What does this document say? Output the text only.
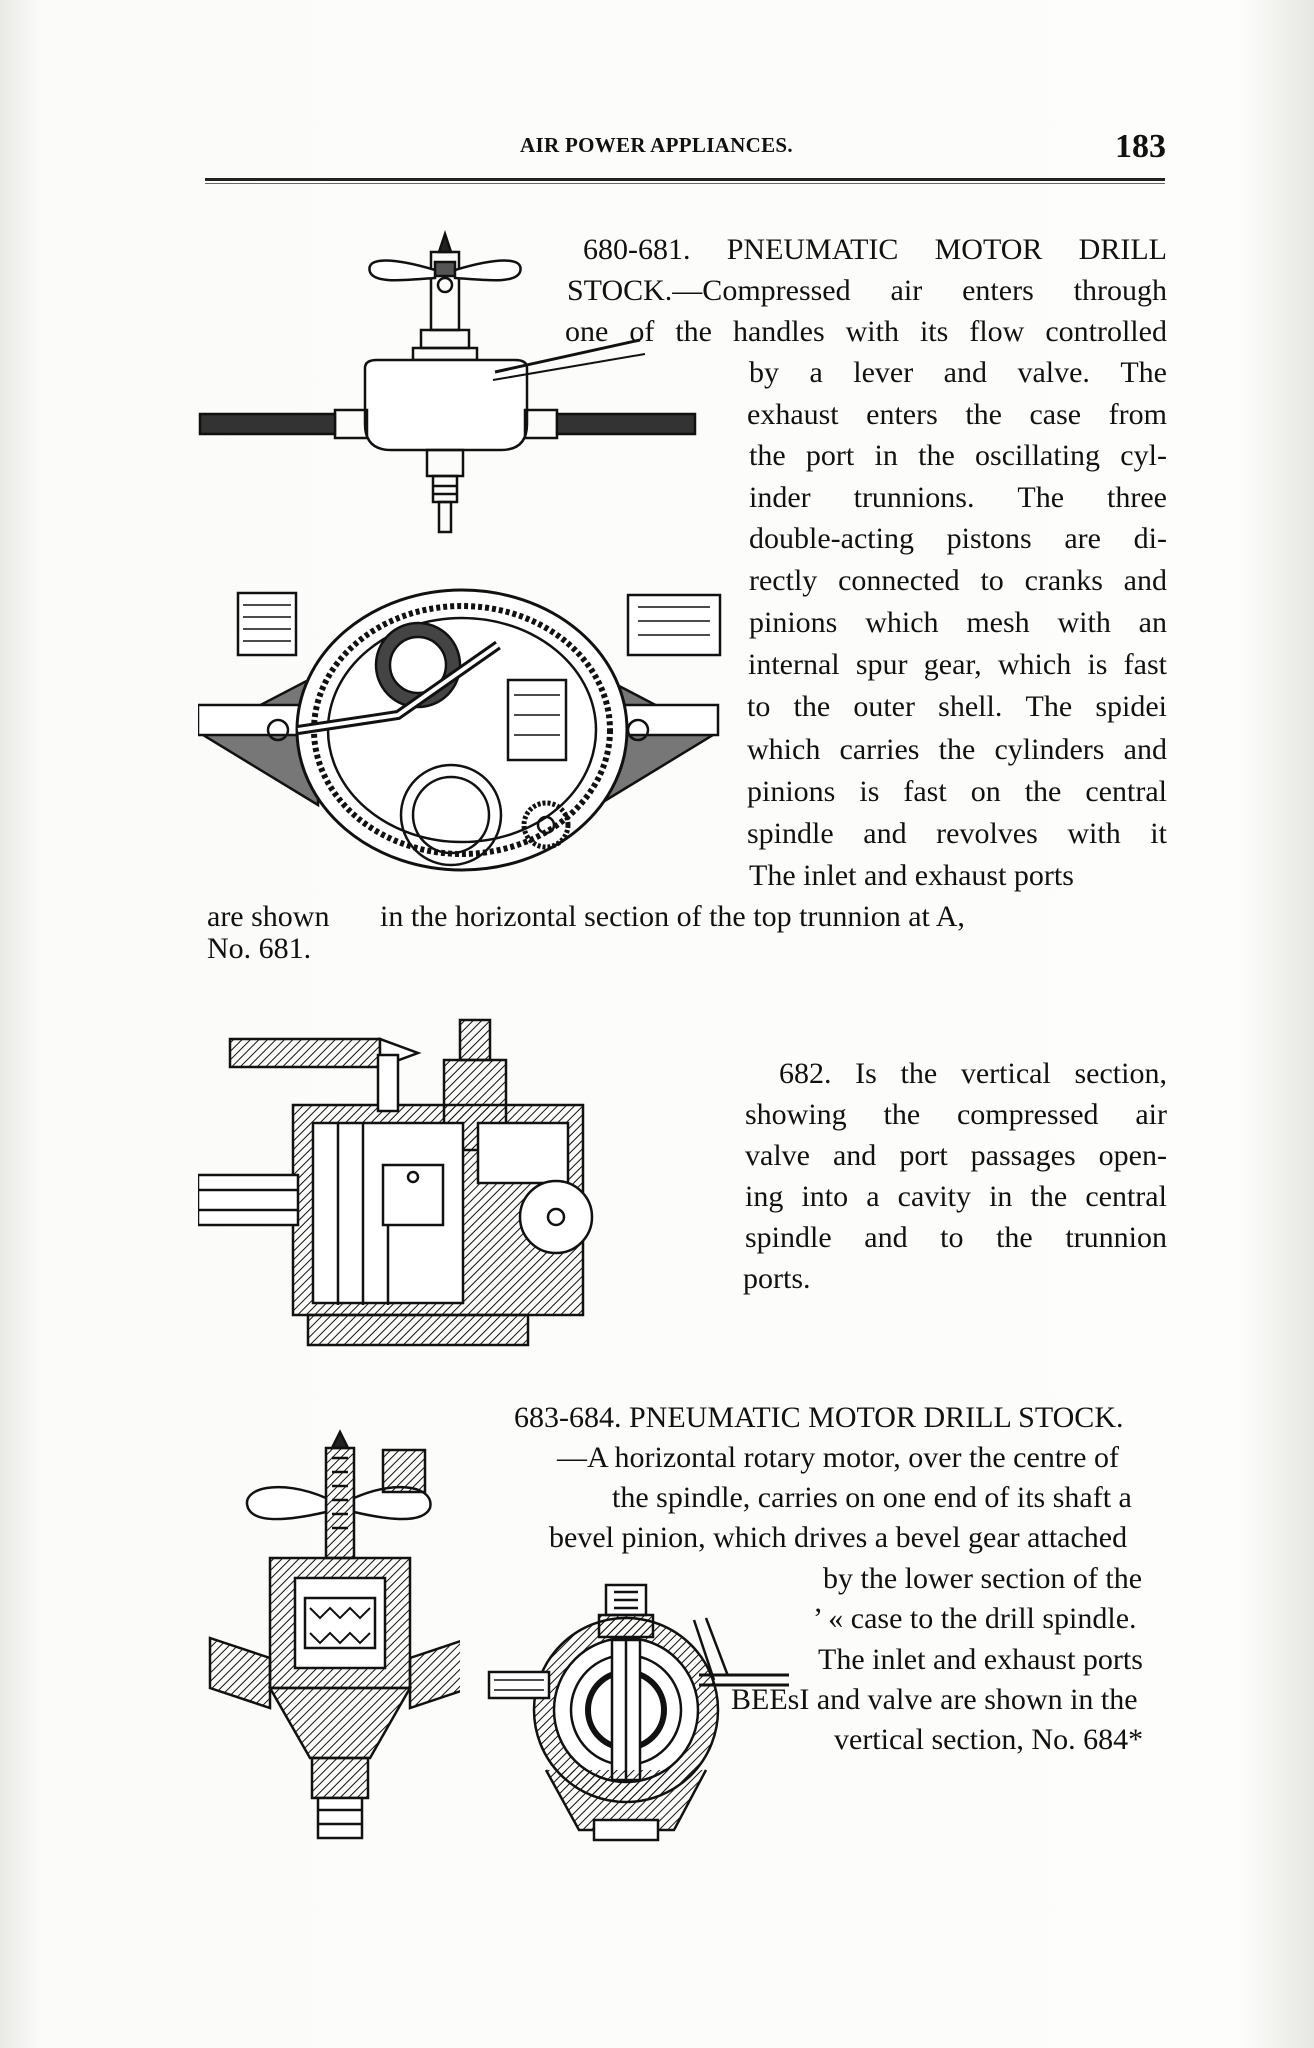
AIR POWER APPLIANCES.	183
680-681. PNEUMATIC MOTOR DRILL
STOCK.—Compressed air enters through
one of the handles with its flow controlled
by a lever and valve. The
exhaust enters the case from
the port in the oscillating cyl-
inder trunnions. The three
double-acting pistons are di-
rectly connected to cranks and
pinions which mesh with an
internal spur gear, which is fast
to the outer shell. The spidei
which carries the cylinders and
pinions is fast on the central
spindle and revolves with it
The inlet and exhaust ports
are shown in the horizontal section of the top trunnion at A,
No. 681.
682. Is the vertical section,
showing the compressed air
valve and port passages open-
ing into a cavity in the central
spindle and to the trunnion
ports.
683-684. PNEUMATIC MOTOR DRILL STOCK.
—A horizontal rotary motor, over the centre of
the spindle, carries on one end of its shaft a
bevel pinion, which drives a bevel gear attached
by the lower section of the
’ « case to the drill spindle.
The inlet and exhaust ports
BEEsI and valve are shown in the
vertical section, No. 684*
